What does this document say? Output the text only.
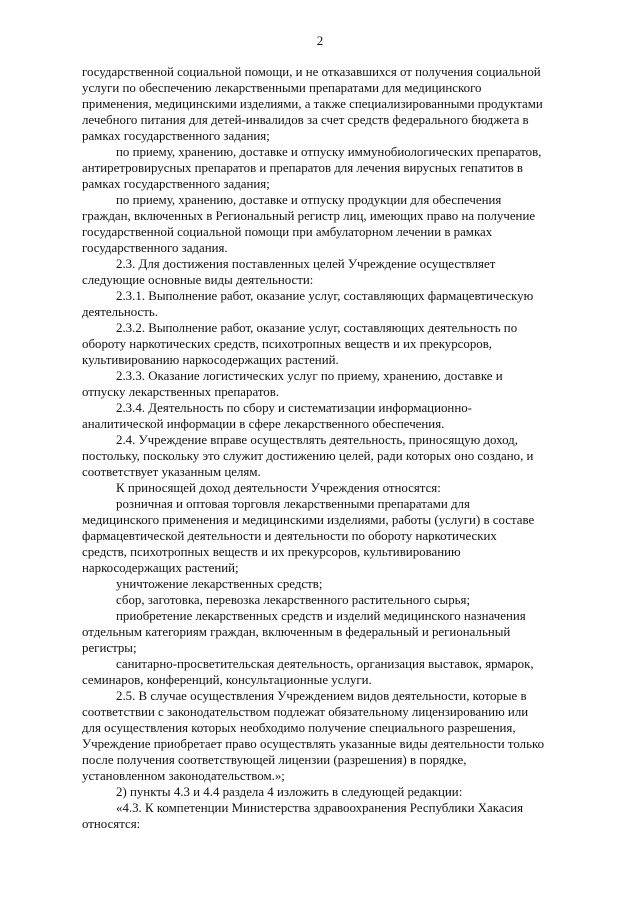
2

государственной социальной помощи, и не отказавшихся от получения социальной
услуги по обеспечению лекарственными препаратами для медицинского
применения, медицинскими изделиями, а также специализированными продуктами
лечебного питания для детей-инвалидов за счет средств федерального бюджета в
рамках государственного задания;

по приему, хранению, доставке и отпуску иммунобиологических препаратов,
антиретровирусных препаратов и препаратов для лечения вирусных гепатитов в
рамках государственного задания;

по приему, хранению, доставке и отпуску продукции для обеспечения
граждан, включенных в Региональный регистр лиц, имеющих право на получение
государственной социальной помощи при амбулаторном лечении в рамках
государственного задания.

2.3. Для достижения поставленных целей Учреждение осуществляет
следующие основные виды деятельности:

2.3.1. Выполнение работ, оказание услуг, составляющих фармацевтическую
деятельность.

2.3.2. Выполнение работ, оказание услуг, составляющих деятельность по
обороту наркотических средств, психотропных веществ и их прекурсоров,
культивированию наркосодержащих растений.

2.3.3. Оказание логистических услуг по приему, хранению, доставке и
отпуску лекарственных препаратов.

2.3.4. Деятельность по сбору и систематизации информационно-
аналитической информации в сфере лекарственного обеспечения.

2.4. Учреждение вправе осуществлять деятельность, приносящую доход,
постольку, поскольку это служит достижению целей, ради которых оно создано, и
соответствует указанным целям.

К приносящей доход деятельности Учреждения относятся:

розничная и оптовая торговля лекарственными препаратами для
медицинского применения и медицинскими изделиями, работы (услуги) в составе
фармацевтической деятельности и деятельности по обороту наркотических
средств, психотропных веществ и их прекурсоров, культивированию
наркосодержащих растений;

уничтожение лекарственных средств;

сбор, заготовка, перевозка лекарственного растительного сырья;

приобретение лекарственных средств и изделий медицинского назначения
отдельным категориям граждан, включенным в федеральный и региональный
регистры;

санитарно-просветительская деятельность, организация выставок, ярмарок,
семинаров, конференций, консультационные услуги.

2.5. В случае осуществления Учреждением видов деятельности, которые в
соответствии с законодательством подлежат обязательному лицензированию или
для осуществления которых необходимо получение специального разрешения,
Учреждение приобретает право осуществлять указанные виды деятельности только
после получения соответствующей лицензии (разрешения) в порядке,
установленном законодательством.»;

2) пункты 4.3 и 4.4 раздела 4 изложить в следующей редакции:

«4.3. К компетенции Министерства здравоохранения Республики Хакасия
относятся:
